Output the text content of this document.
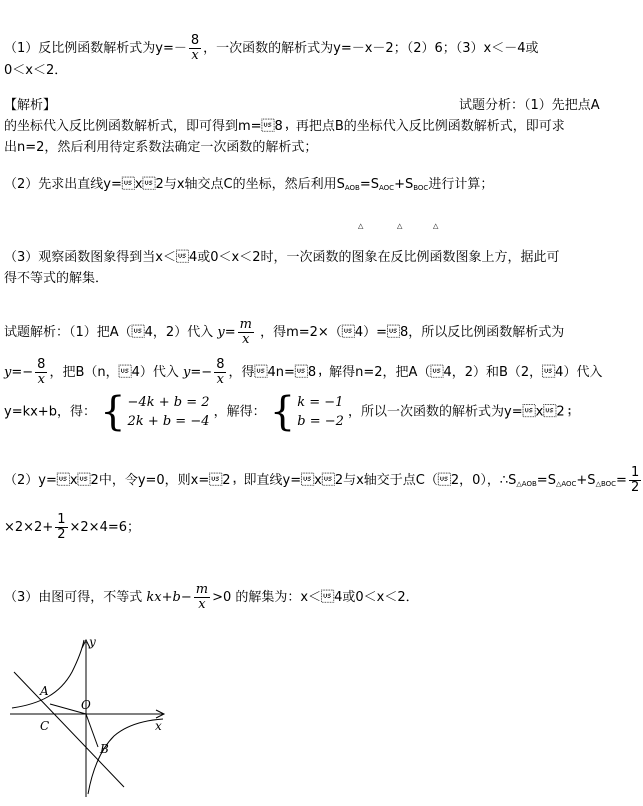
（1）反比例函数解析式为$y=- \frac{8}{x}$ ，一次函数的解析式为y=－x－2；（2）6；（3）x＜－4或
0＜x＜2．
【解析】	试题分析：（1）先把点A
的坐标代入反比例函数解析式，即可得到m=8，再把点B的坐标代入反比例函数解析式，即可求
出n=2，然后利用待定系数法确定一次函数的解析式；
（2）先求出直线y=x2与x轴交点C的坐标，然后利用SAOB=SAOC+SBOC进行计算；
△	△	△
（3）观察函数图象得到当x＜4或0＜x＜2时，一次函数的图象在反比例函数图象上方，据此可
得不等式的解集．
试题解析：（1）把A（4，2）代入 $y= \frac{m}{x}$ ，得m=2×（4）=8，所以反比例函数解析式为
$y=- \frac{8}{x}$ ，把B（n，4）代入 $y=- \frac{8}{x}$ ，得4n=8，解得n=2，把A（4，2）和B（2，4）代入
y=kx+b，得： { −4k + b = 2
2k + b = −4
，解得： { k = −1
b = −2
，所以一次函数的解析式为y=x2；
（2）y=x2中，令y=0，则x=2，即直线y=x2与x轴交于点C（2，0），∴S△AOB=S△AOC+S△BOC= $\frac{1}{2}$
$\times 2\times 2+ \frac{1}{2} \times 2\times 4=6$；
（3）由图可得，不等式 $kx+b- \frac{m}{x} >0$ 的解集为：x＜4或0＜x＜2．
y
x
A
O
C
B
